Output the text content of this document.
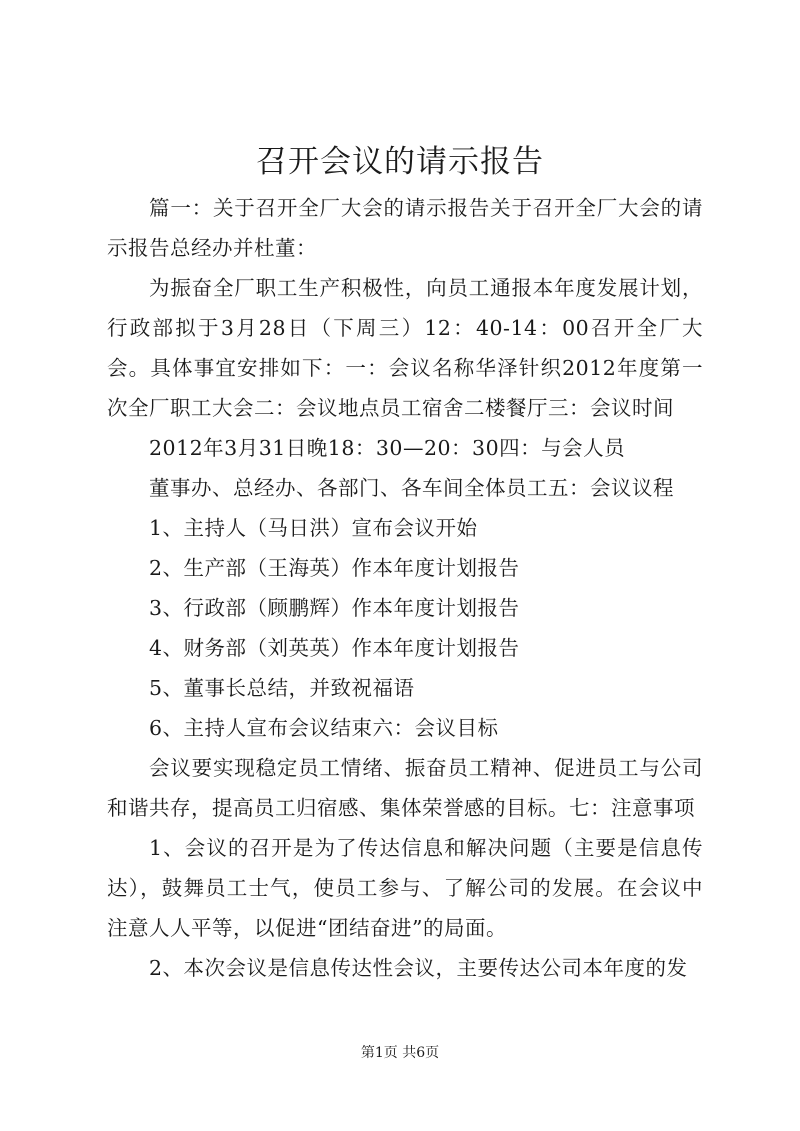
召开会议的请示报告

篇一：关于召开全厂大会的请示报告关于召开全厂大会的请示报告总经办并杜董：

为振奋全厂职工生产积极性，向员工通报本年度发展计划，行政部拟于3月28日（下周三）12：40-14：00召开全厂大会。具体事宜安排如下：一：会议名称华泽针织2012年度第一次全厂职工大会二：会议地点员工宿舍二楼餐厅三：会议时间

2012年3月31日晚18：30—20：30四：与会人员

董事办、总经办、各部门、各车间全体员工五：会议议程

1、主持人（马日洪）宣布会议开始

2、生产部（王海英）作本年度计划报告

3、行政部（顾鹏辉）作本年度计划报告

4、财务部（刘英英）作本年度计划报告

5、董事长总结，并致祝福语

6、主持人宣布会议结束六：会议目标

会议要实现稳定员工情绪、振奋员工精神、促进员工与公司和谐共存，提高员工归宿感、集体荣誉感的目标。七：注意事项

1、会议的召开是为了传达信息和解决问题（主要是信息传达），鼓舞员工士气，使员工参与、了解公司的发展。在会议中注意人人平等，以促进“团结奋进”的局面。

2、本次会议是信息传达性会议，主要传达公司本年度的发

第1页 共6页
